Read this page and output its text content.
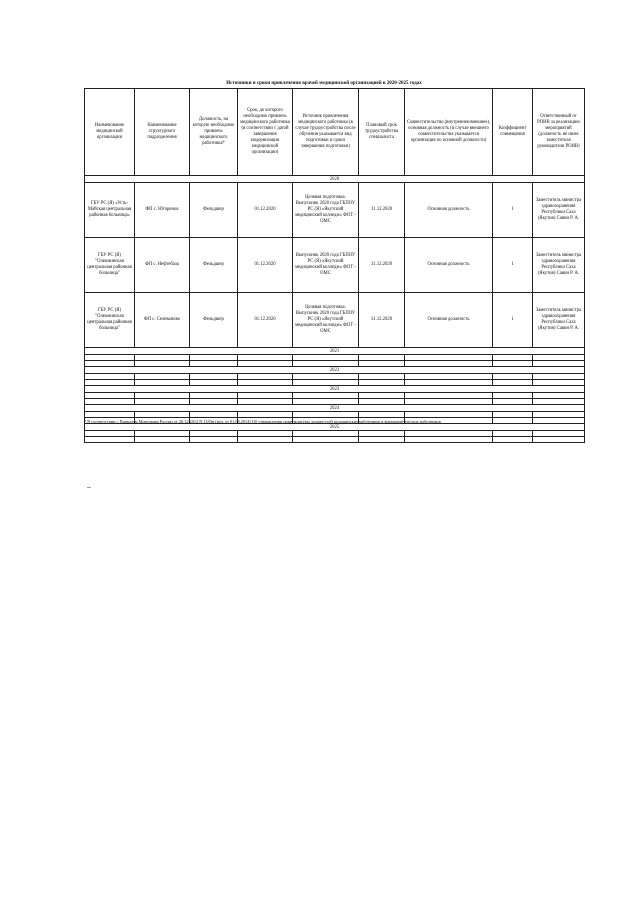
Источники и сроки привлечения врачей медицинской организацией в 2020-2025 годах
Наименование медицинской организации	Наименование структурного подразделения	Должность, на которую необходимо привлечь медицинского работника*	Срок, до которого необходимо привлечь медицинского работника (в соответствии с датой завершения модернизации медицинской организации)	Источник привлечения медицинского работника (в случае трудоустройства после обучения указывается вид подготовки и сроки завершения подготовки)	Плановый срок трудоустройства специалиста	Совместительство (внутреннее/внешнее), основная должность (в случае внешнего совместительства указывается организация по основной должности)	Коэффициент совмещения	Ответственный от РОИВ за реализацию мероприятий (должность не ниже заместителя руководителя РОИВ)
2020								
ГБУ РС (Я) «Усть-Майская центральная районная больница»	ФП с. Югоренок	Фельдшер	01.12.2020	Целевая подготовка. Выпускник 2020 года ГБПОУ РС (Я) «Якутский медицинский колледж» ФОТ - ОМС	31.12.2020	Основная должность	1	Заместитель министра здравоохранения Республики Саха (Якутия) Савин Р. А.
ГБУ РС (Я) "Олекминская центральная районная больница"	ФП с. Нефтебаза	Фельдшер	01.12.2020	Выпускник 2020 года ГБПОУ РС (Я) «Якутский медицинский колледж» ФОТ - ОМС	31.12.2020	Основная должность	1	Заместитель министра здравоохранения Республики Саха (Якутия) Савин Р. А.
ГБУ РС (Я) "Олекминская центральная районная больница"	ФП с. Селеваново	Фельдшер	01.12.2020	Целевая подготовка. Выпускник 2020 года ГБПОУ РС (Я) «Якутский медицинский колледж» ФОТ - ОМС	31.12.2020	Основная должность	1	Заместитель министра здравоохранения Республики Саха (Якутия) Савин Р. А.
2021								

2022								

2023								

2024								

2025								

* В соответствии с Приказом Минздрава России от 20.12.2012 N 1183н (ред. от 01.08.2014) Об утверждении номенклатуры должностей медицинских работников и фармацевтических работников
